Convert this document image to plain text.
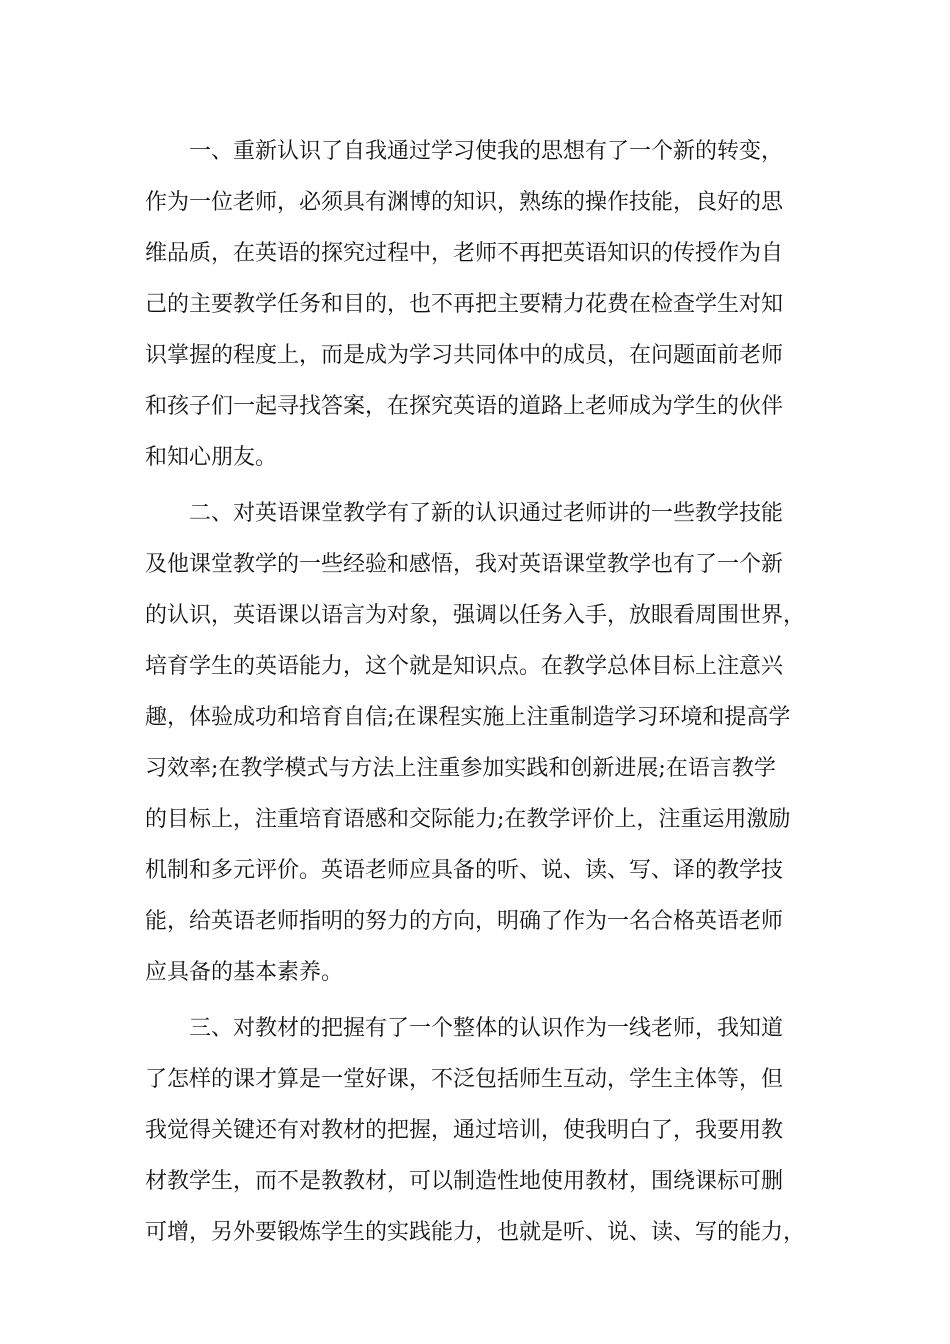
　　一、重新认识了自我通过学习使我的思想有了一个新的转变，
作为一位老师，必须具有渊博的知识，熟练的操作技能，良好的思
维品质，在英语的探究过程中，老师不再把英语知识的传授作为自
己的主要教学任务和目的，也不再把主要精力花费在检查学生对知
识掌握的程度上，而是成为学习共同体中的成员，在问题面前老师
和孩子们一起寻找答案，在探究英语的道路上老师成为学生的伙伴
和知心朋友。
　　二、对英语课堂教学有了新的认识通过老师讲的一些教学技能
及他课堂教学的一些经验和感悟，我对英语课堂教学也有了一个新
的认识，英语课以语言为对象，强调以任务入手，放眼看周围世界，
培育学生的英语能力，这个就是知识点。在教学总体目标上注意兴
趣，体验成功和培育自信;在课程实施上注重制造学习环境和提高学
习效率;在教学模式与方法上注重参加实践和创新进展;在语言教学
的目标上，注重培育语感和交际能力;在教学评价上，注重运用激励
机制和多元评价。英语老师应具备的听、说、读、写、译的教学技
能，给英语老师指明的努力的方向，明确了作为一名合格英语老师
应具备的基本素养。
　　三、对教材的把握有了一个整体的认识作为一线老师，我知道
了怎样的课才算是一堂好课，不泛包括师生互动，学生主体等，但
我觉得关键还有对教材的把握，通过培训，使我明白了，我要用教
材教学生，而不是教教材，可以制造性地使用教材，围绕课标可删
可增，另外要锻炼学生的实践能力，也就是听、说、读、写的能力，
